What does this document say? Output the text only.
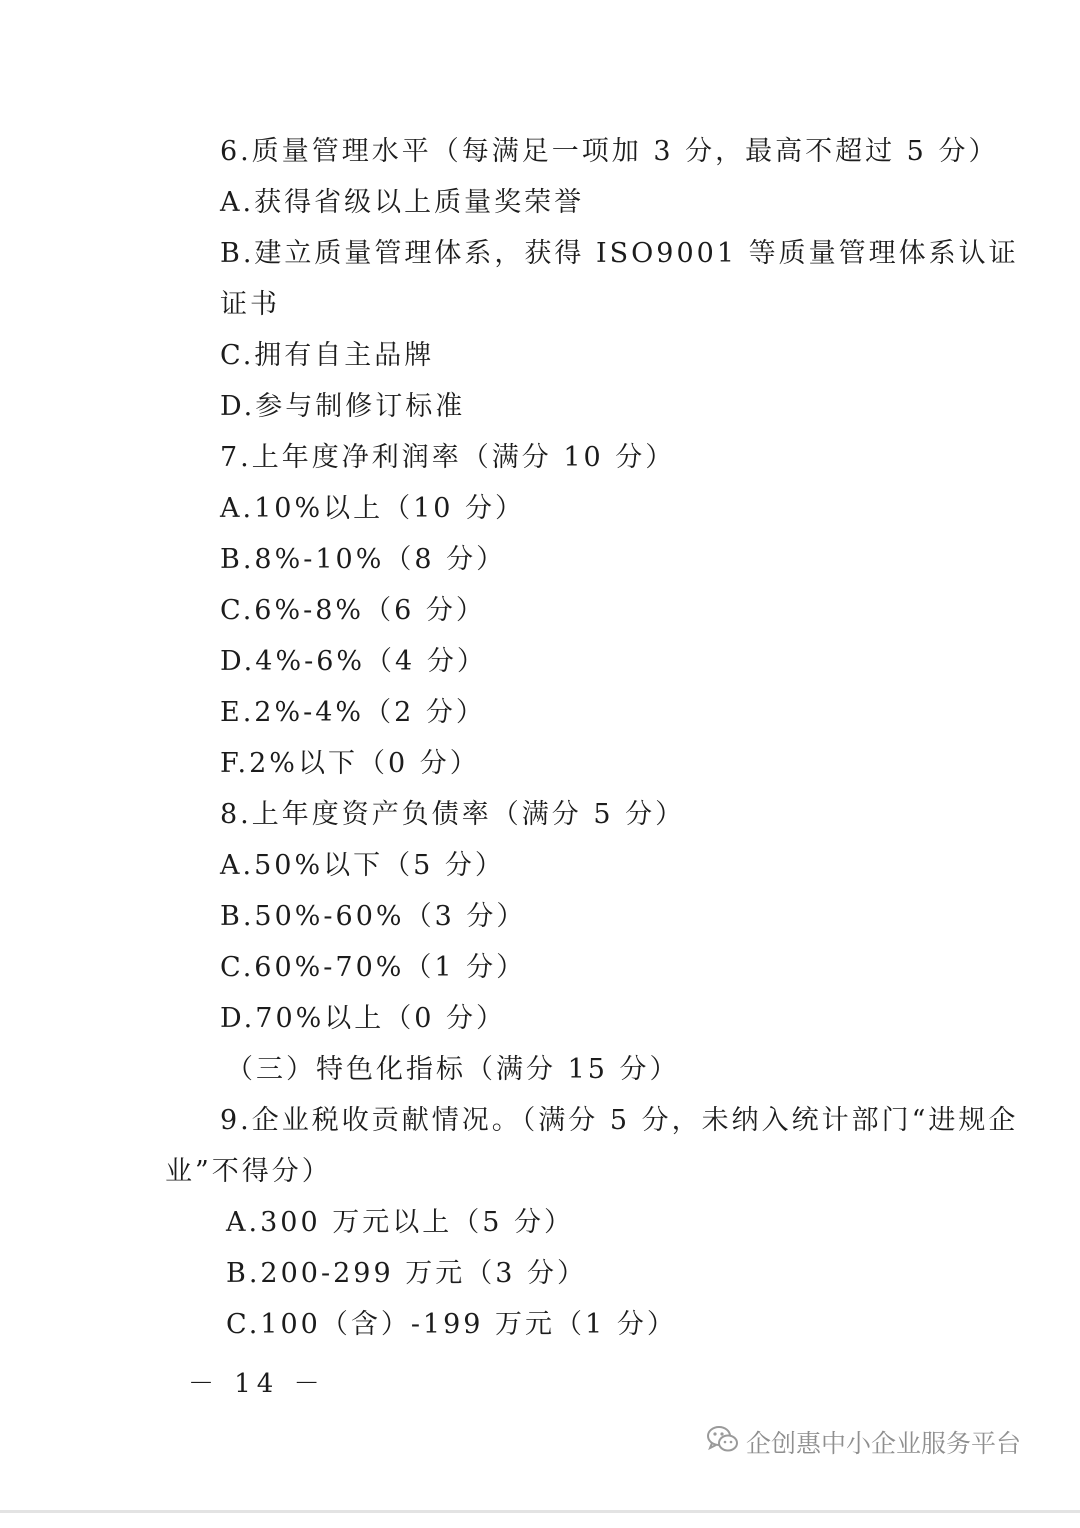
6.质量管理水平（每满足一项加 3 分，最高不超过 5 分）
A.获得省级以上质量奖荣誉
B.建立质量管理体系，获得 ISO9001 等质量管理体系认证
证书
C.拥有自主品牌
D.参与制修订标准
7.上年度净利润率（满分 10 分）
A.10%以上（10 分）
B.8%-10%（8 分）
C.6%-8%（6 分）
D.4%-6%（4 分）
E.2%-4%（2 分）
F.2%以下（0 分）
8.上年度资产负债率（满分 5 分）
A.50%以下（5 分）
B.50%-60%（3 分）
C.60%-70%（1 分）
D.70%以上（0 分）
（三）特色化指标（满分 15 分）
9.企业税收贡献情况。（满分 5 分，未纳入统计部门“进规企
业”不得分）
A.300 万元以上（5 分）
B.200-299 万元（3 分）
C.100（含）-199 万元（1 分）
－ 14 －
企创惠中小企业服务平台
